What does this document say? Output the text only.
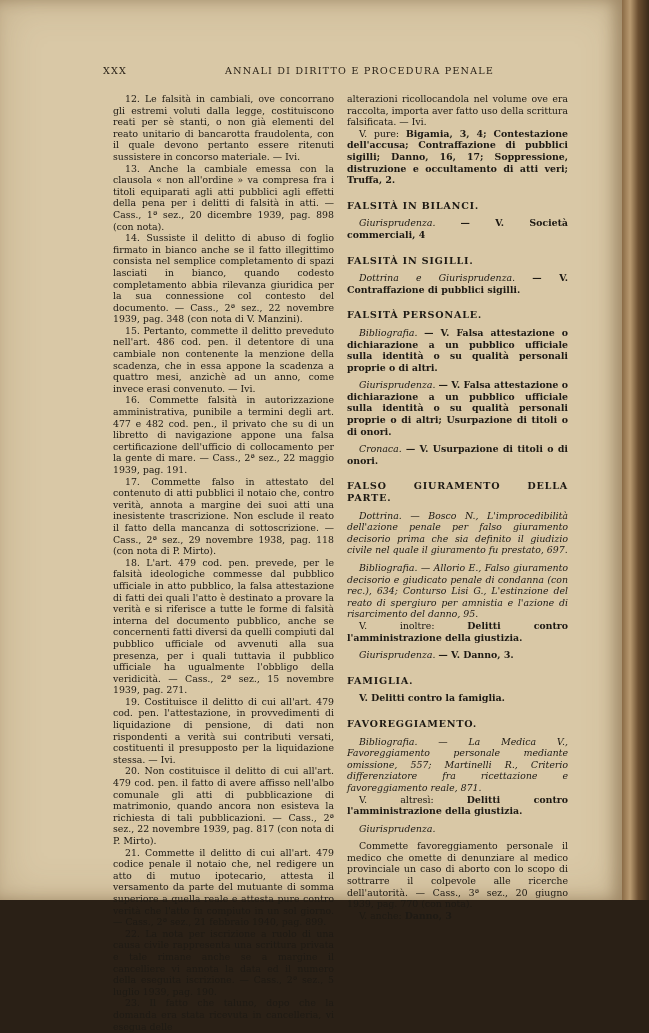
XXX	ANNALI DI DIRITTO E PROCEDURA PENALE

12. Le falsità in cambiali, ove concorrano gli estremi voluti dalla legge, costituiscono reati per sè stanti, o non già elementi del reato unitario di bancarotta fraudolenta, con il quale devono pertanto essere ritenuti sussistere in concorso materiale. — Ivi.

13. Anche la cambiale emessa con la clausola « non all'ordine » va compresa fra i titoli equiparati agli atti pubblici agli effetti della pena per i delitti di falsità in atti. — Cass., 1ª sez., 20 dicembre 1939, pag. 898 (con nota).

14. Sussiste il delitto di abuso di foglio firmato in bianco anche se il fatto illegittimo consista nel semplice completamento di spazi lasciati in bianco, quando codesto completamento abbia rilevanza giuridica per la sua connessione col contesto del documento. — Cass., 2ª sez., 22 novembre 1939, pag. 348 (con nota di V. Manzini).

15. Pertanto, commette il delitto preveduto nell'art. 486 cod. pen. il detentore di una cambiale non contenente la menzione della scadenza, che in essa appone la scadenza a quattro mesi, anzichè ad un anno, come invece erasi convenuto. — Ivi.

16. Commette falsità in autorizzazione amministrativa, punibile a termini degli art. 477 e 482 cod. pen., il privato che su di un libretto di navigazione appone una falsa certificazione dell'ufficio di collocamento per la gente di mare. — Cass., 2ª sez., 22 maggio 1939, pag. 191.

17. Commette falso in attestato del contenuto di atti pubblici il notaio che, contro verità, annota a margine dei suoi atti una inesistente trascrizione. Non esclude il reato il fatto della mancanza di sottoscrizione. — Cass., 2ª sez., 29 novembre 1938, pag. 118 (con nota di P. Mirto).

18. L'art. 479 cod. pen. prevede, per le falsità ideologiche commesse dal pubblico ufficiale in atto pubblico, la falsa attestazione di fatti dei quali l'atto è destinato a provare la verità e si riferisce a tutte le forme di falsità interna del documento pubblico, anche se concernenti fatti diversi da quelli compiuti dal pubblico ufficiale od avvenuti alla sua presenza, per i quali tuttavia il pubblico ufficiale ha ugualmente l'obbligo della veridicità. — Cass., 2ª sez., 15 novembre 1939, pag. 271.

19. Costituisce il delitto di cui all'art. 479 cod. pen. l'attestazione, in provvedimenti di liquidazione di pensione, di dati non rispondenti a verità sui contributi versati, costituenti il presupposto per la liquidazione stessa. — Ivi.

20. Non costituisce il delitto di cui all'art. 479 cod. pen. il fatto di avere affisso nell'albo comunale gli atti di pubblicazione di matrimonio, quando ancora non esisteva la richiesta di tali pubblicazioni. — Cass., 2ª sez., 22 novembre 1939, pag. 817 (con nota di P. Mirto).

21. Commette il delitto di cui all'art. 479 codice penale il notaio che, nel redigere un atto di mutuo ipotecario, attesta il versamento da parte del mutuante di somma superiore a quella reale e attesta pure contro verità che l'atto fu compiuto in un sol giorno. — Cass., 2ª sez., 21 febbraio 1940, pag. 899.

22. La nota per iscrizione a ruolo di una causa civile rappresenta una scrittura privata e tale rimane anche se a margine il cancelliere vi annota la data ed il numero della eseguita iscrizione. — Cass., 2ª sez., 5 luglio 1939, pag. 190.

23. Il fatto che taluno, dopo che la domanda era stata ricevuta in cancelleria, vi esegua delle

alterazioni ricollocandola nel volume ove era raccolta, importa aver fatto uso della scrittura falsificata. — Ivi.

V. pure: Bigamia, 3, 4; Contestazione dell'accusa; Contraffazione di pubblici sigilli; Danno, 16, 17; Soppressione, distruzione e occultamento di atti veri; Truffa, 2.

FALSITÀ IN BILANCI.

Giurisprudenza.	— V. Società commerciali, 4

FALSITÀ IN SIGILLI.

Dottrina e Giurisprudenza. — V. Contraffazione di pubblici sigilli.

FALSITÀ PERSONALE.

Bibliografia. — V. Falsa attestazione o dichiarazione a un pubblico ufficiale sulla identità o su qualità personali proprie o di altri.

Giurisprudenza. — V. Falsa attestazione o dichiarazione a un pubblico ufficiale sulla identità o su qualità personali proprie o di altri; Usurpazione di titoli o di onori.

Cronaca. — V. Usurpazione di titoli o di onori.

FALSO GIURAMENTO DELLA PARTE.

Dottrina. — Bosco N., L'improcedibilità dell'azione penale per falso giuramento decisorio prima che sia definito il giudizio civile nel quale il giuramento fu prestato, 697.

Bibliografia. — Allorio E., Falso giuramento decisorio e giudicato penale di condanna (con rec.), 634; Conturso Lisi G., L'estinzione del reato di spergiuro per amnistia e l'azione di risarcimento del danno, 95.

V. inoltre:	Delitti contro l'amministrazione della giustizia.

Giurisprudenza. — V. Danno, 3.

FAMIGLIA.

V. Delitti contro la famiglia.

FAVOREGGIAMENTO.

Bibliografia. — La Medica V., Favoreggiamento personale mediante omissione, 557; Martinelli R., Criterio differenziatore fra ricettazione e favoreggiamento reale, 871.

V. altresì:	Delitti contro l'amministrazione della giustizia.

Giurisprudenza.

Commette favoreggiamento personale il medico che omette di denunziare al medico provinciale un caso di aborto con lo scopo di sottrarre il colpevole alle ricerche dell'autorità. — Cass., 3ª sez., 20 giugno 1939, pag. 770 (con nota).

V. anche: Danno, 3
